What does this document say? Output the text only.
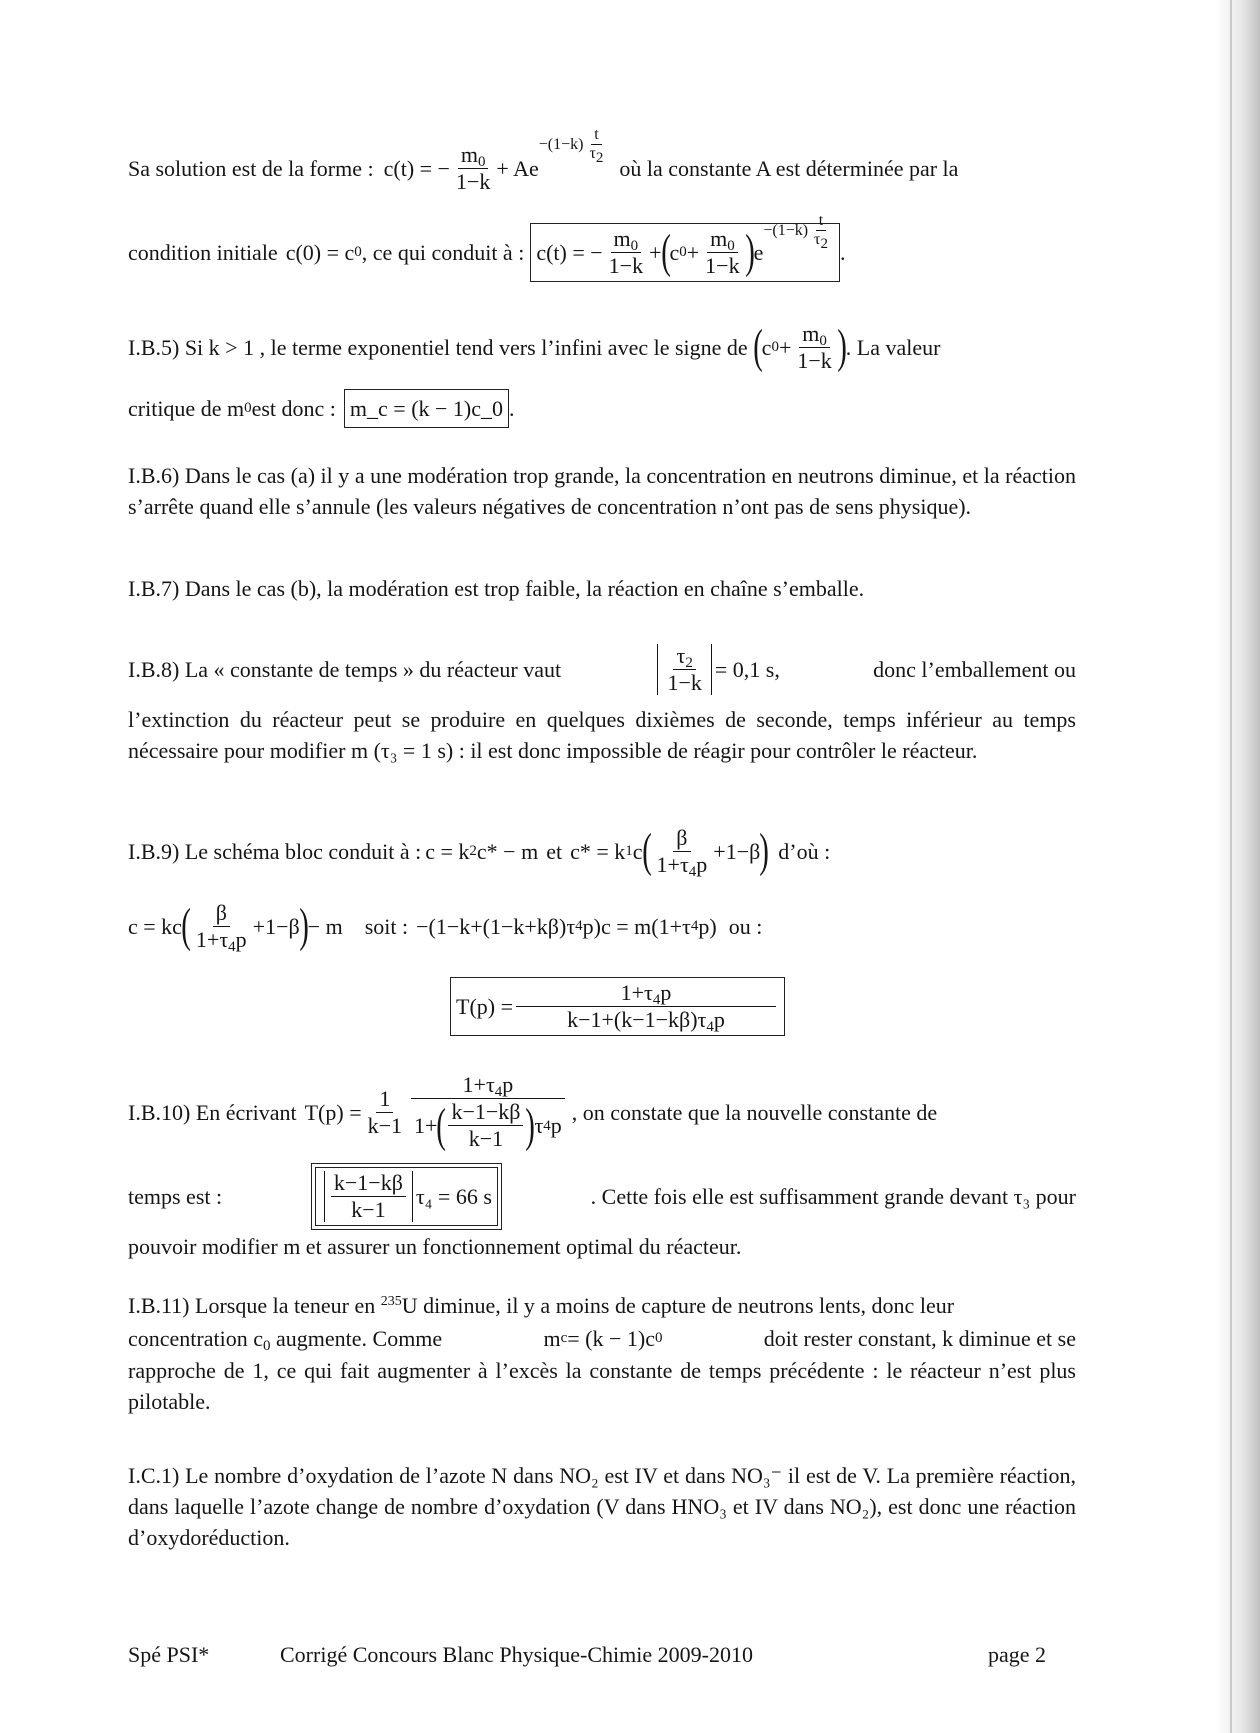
Sa solution est de la forme : c(t) = − $\frac{m_0}{1-k} + Ae$
$-(1-k) \frac{t}{\tau_2}$
où la constante A est déterminée par la
condition initiale c(0) = c 0 , ce qui conduit à : c(t) = − $\frac{m_0}{1-k}$ + ( c $0 + \frac{m_0}{1-k}$ ) e
$-(1-k) \frac{t}{\tau_2}$
.
I.B.5) Si k > 1 , le terme exponentiel tend vers l’infini avec le signe de ( c $0 + \frac{m_0}{1-k}$ ) . La valeur
critique de m 0 est donc : m_c = (k − 1)c_0 .
I.B.6) Dans le cas (a) il y a une modération trop grande, la concentration en neutrons diminue, et la réaction s’arrête quand elle s’annule (les valeurs négatives de concentration n’ont pas de sens physique).
I.B.7) Dans le cas (b), la modération est trop faible, la réaction en chaîne s’emballe.
I.B.8) La « constante de temps » du réacteur vaut	$\frac{\tau_2}{1-k} = 0,1$ s,	donc l’emballement ou
l’extinction du réacteur peut se produire en quelques dixièmes de seconde, temps inférieur au temps nécessaire pour modifier m (τ₃ = 1 s) : il est donc impossible de réagir pour contrôler le réacteur.
I.B.9) Le schéma bloc conduit à : c = k 2 c* − m et c* = k 1 c ( $\frac{\beta}{1+\tau_4p} +1-\beta$ ) d’où :
c = kc ( $\frac{\beta}{1+\tau_4p} +1-\beta$ ) − m soit : −(1−k+(1−k+kβ)τ 4 p)c = m(1+τ 4 p) ou :
$T(p) = \frac{1+\tau_4p}{k-1+(k-1-k\beta)\tau_4p}$
I.B.10) En écrivant $T(p) = \frac{1}{k-1} \frac{1+\tau_4p}{1+ ( \frac{k-1-k\beta}{k-1} ) \tau 4 p}$ , on constate que la nouvelle constante de
temps est :	$\frac{k-1-k\beta}{k-1} \tau_4 = 66$ s	. Cette fois elle est suffisamment grande devant τ₃ pour
pouvoir modifier m et assurer un fonctionnement optimal du réacteur.
I.B.11) Lorsque la teneur en $^{235}$U diminue, il y a moins de capture de neutrons lents, donc leur
concentration $c_0$ augmente. Comme	m c = (k − 1)c 0	doit rester constant, k diminue et se
rapproche de 1, ce qui fait augmenter à l’excès la constante de temps précédente : le réacteur n’est plus pilotable.
I.C.1) Le nombre d’oxydation de l’azote N dans NO₂ est IV et dans NO₃⁻ il est de V. La première réaction, dans laquelle l’azote change de nombre d’oxydation (V dans HNO₃ et IV dans NO₂), est donc une réaction d’oxydoréduction.
Spé PSI*	Corrigé Concours Blanc Physique-Chimie 2009-2010	page 2
